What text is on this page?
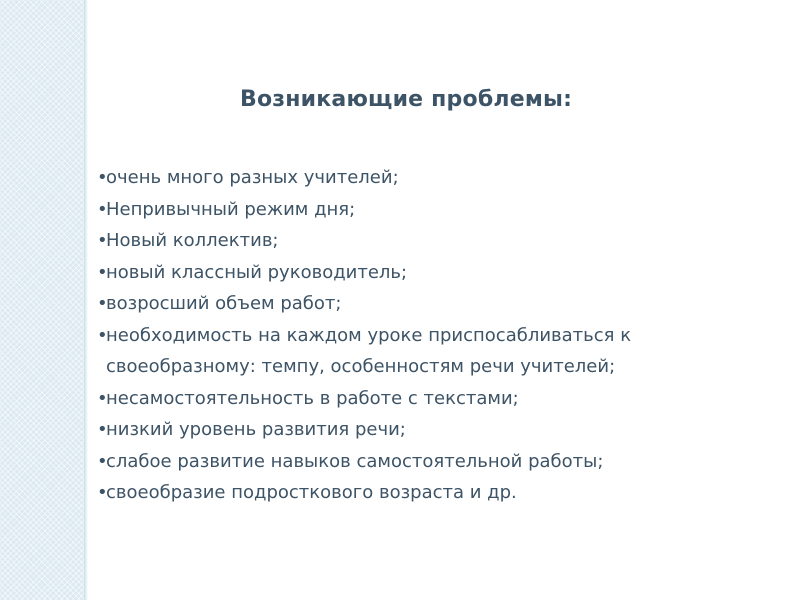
Возникающие проблемы:
•
очень много разных учителей;
•
Непривычный режим дня;
•
Новый коллектив;
•
новый классный руководитель;
•
возросший объем работ;
•
необходимость на каждом уроке приспосабливаться к
своеобразному: темпу, особенностям речи учителей;
•
несамостоятельность в работе с текстами;
•
низкий уровень развития речи;
•
слабое развитие навыков самостоятельной работы;
•
своеобразие подросткового возраста и др.
